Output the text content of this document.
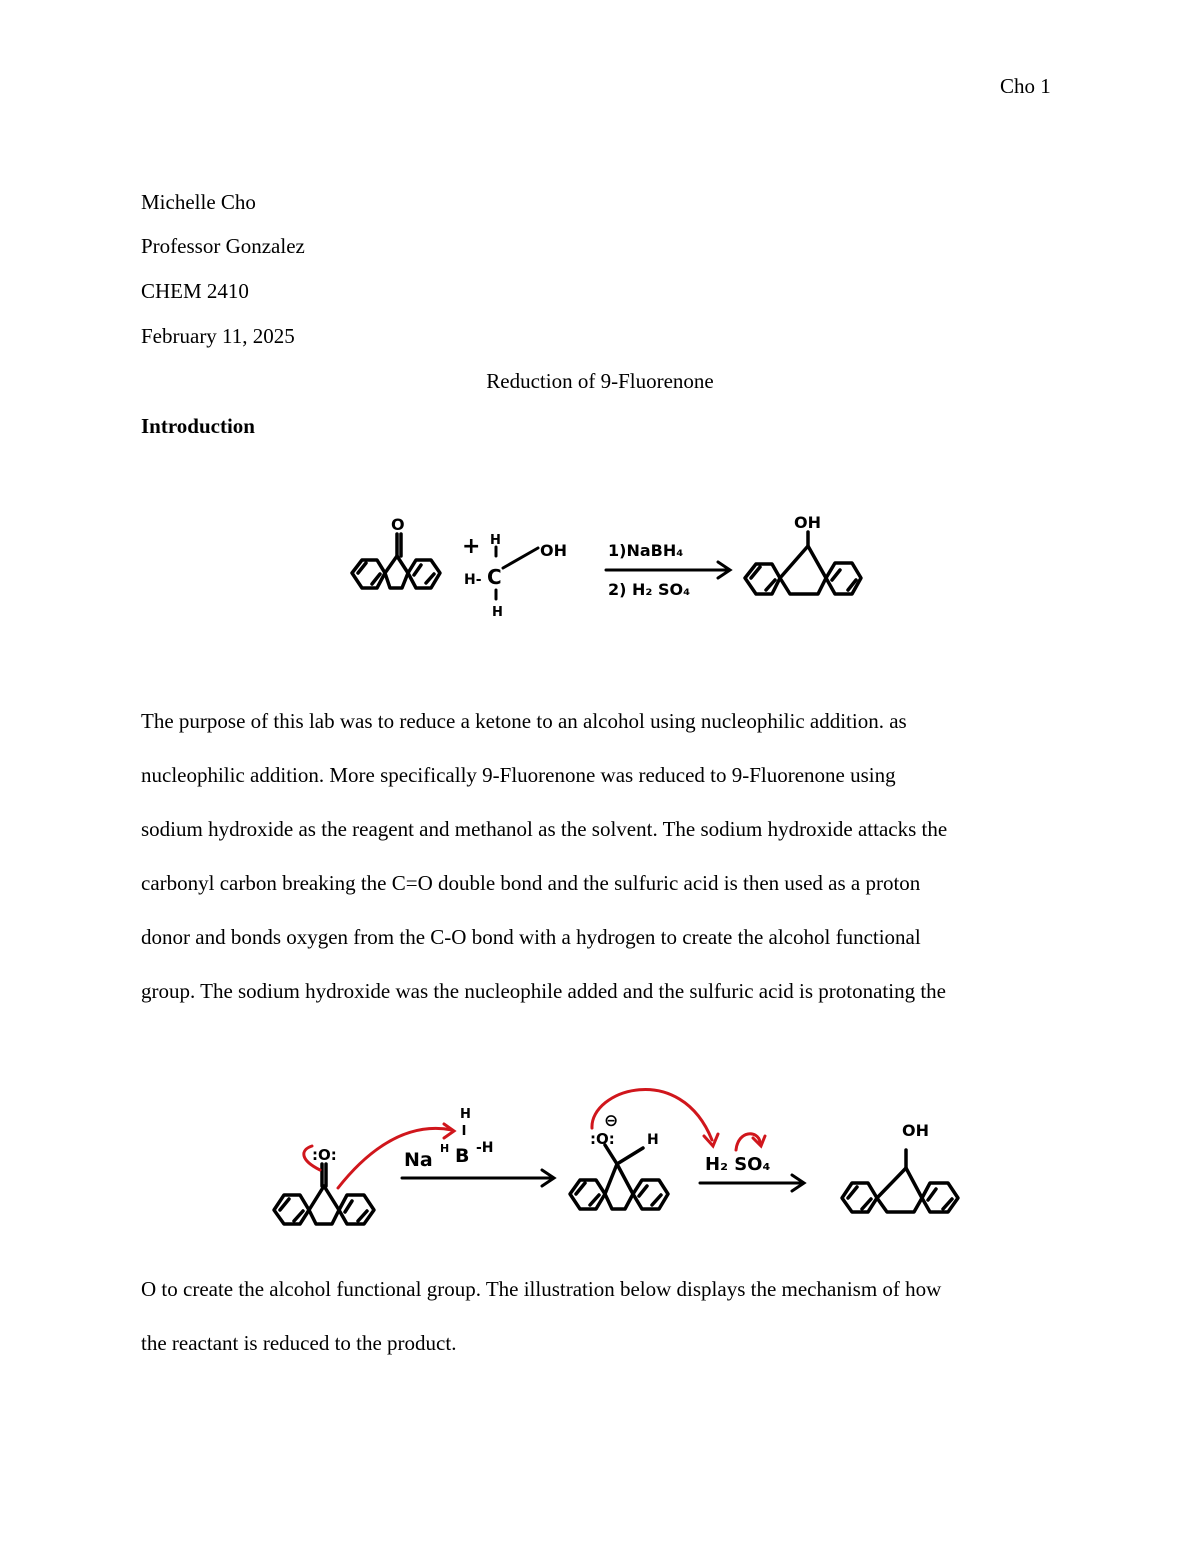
Cho 1
Michelle Cho
Professor Gonzalez
CHEM 2410
February 11, 2025
Reduction of 9-Fluorenone
Introduction
O
+ H
H- C
H
OH	1)NaBH₄
2) H₂ SO₄
OH
The purpose of this lab was to reduce a ketone to an alcohol using nucleophilic addition. as
nucleophilic addition. More specifically 9-Fluorenone was reduced to 9-Fluorenone using
sodium hydroxide as the reagent and methanol as the solvent. The sodium hydroxide attacks the
carbonyl carbon breaking the C=O double bond and the sulfuric acid is then used as a proton
donor and bonds oxygen from the C-O bond with a hydrogen to create the alcohol functional
group. The sodium hydroxide was the nucleophile added and the sulfuric acid is protonating the
:O:	Na
H
H
B -H	:O:
⊖
H
H₂ SO₄
OH
O to create the alcohol functional group. The illustration below displays the mechanism of how
the reactant is reduced to the product.
